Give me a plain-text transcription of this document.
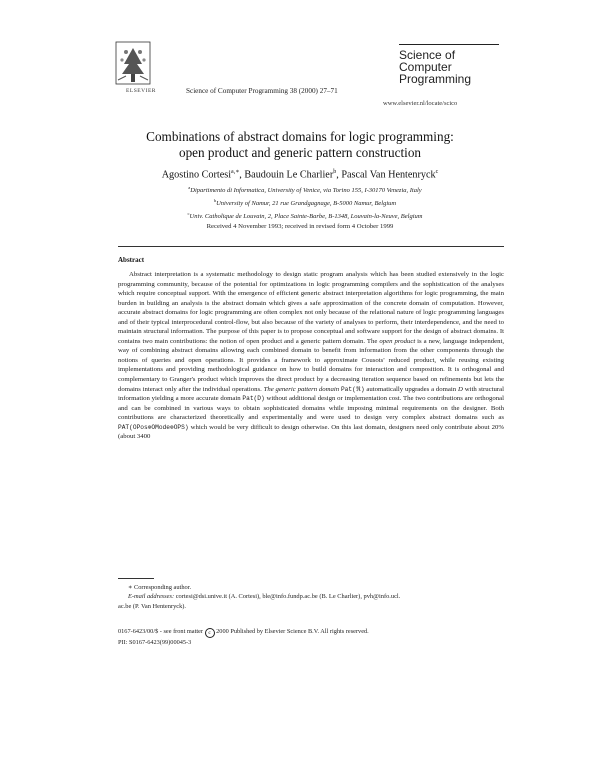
ELSEVIER	Science of Computer Programming 38 (2000) 27–71
Science of
Computer
Programming
www.elsevier.nl/locate/scico
Combinations of abstract domains for logic programming:
open product and generic pattern construction
Agostino Cortesi$^{a,∗}$, Baudouin Le Charlier$^b$, Pascal Van Hentenryck$^c$
$^a$Dipartimento di Informatica, University of Venice, via Torino 155, I-30170 Venezia, Italy
$^b$University of Namur, 21 rue Grandgagnage, B-5000 Namur, Belgium
$^c$Univ. Catholique de Louvain, 2, Place Sainte-Barbe, B-1348, Louvain-la-Neuve, Belgium
Received 4 November 1993; received in revised form 4 October 1999
Abstract
Abstract interpretation is a systematic methodology to design static program analysis which has been studied extensively in the logic programming community, because of the potential for optimizations in logic programming compilers and the sophistication of the analyses which require conceptual support. With the emergence of efficient generic abstract interpretation algorithms for logic programming, the main burden in building an analysis is the abstract domain which gives a safe approximation of the concrete domain of computation. However, accurate abstract domains for logic programming are often complex not only because of the relational nature of logic programming languages and of their typical interprocedural control-flow, but also because of the variety of analyses to perform, their interdependence, and the need to maintain structural information. The purpose of this paper is to propose conceptual and software support for the design of abstract domains. It contains two main contributions: the notion of open product and a generic pattern domain. The open product is a new, language independent, way of combining abstract domains allowing each combined domain to benefit from information from the other components through the notions of queries and open operations. It provides a framework to approximate Cousots' reduced product, while reusing existing implementations and providing methodological guidance on how to build domains for interaction and composition. It is orthogonal and complementary to Granger's product which improves the direct product by a decreasing iteration sequence based on refinements but lets the domains interact only after the individual operations. The generic pattern domain Pat(ℜ) automatically upgrades a domain D with structural information yielding a more accurate domain Pat(D) without additional design or implementation cost. The two contributions are orthogonal and can be combined in various ways to obtain sophisticated domains while imposing minimal requirements on the designer. Both contributions are characterized theoretically and experimentally and were used to design very complex abstract domains such as PAT(OPos⊗OMode⊗OPS) which would be very difficult to design otherwise. On this last domain, designers need only contribute about 20% (about 3400
∗ Corresponding author.
E-mail addresses: cortesi@dsi.unive.it (A. Cortesi), ble@info.fundp.ac.be (B. Le Charlier), pvh@info.ucl.
ac.be (P. Van Hentenryck).
0167-6423/00/$ - see front matter c 2000 Published by Elsevier Science B.V. All rights reserved.
PII: S0167-6423(99)00045-3
